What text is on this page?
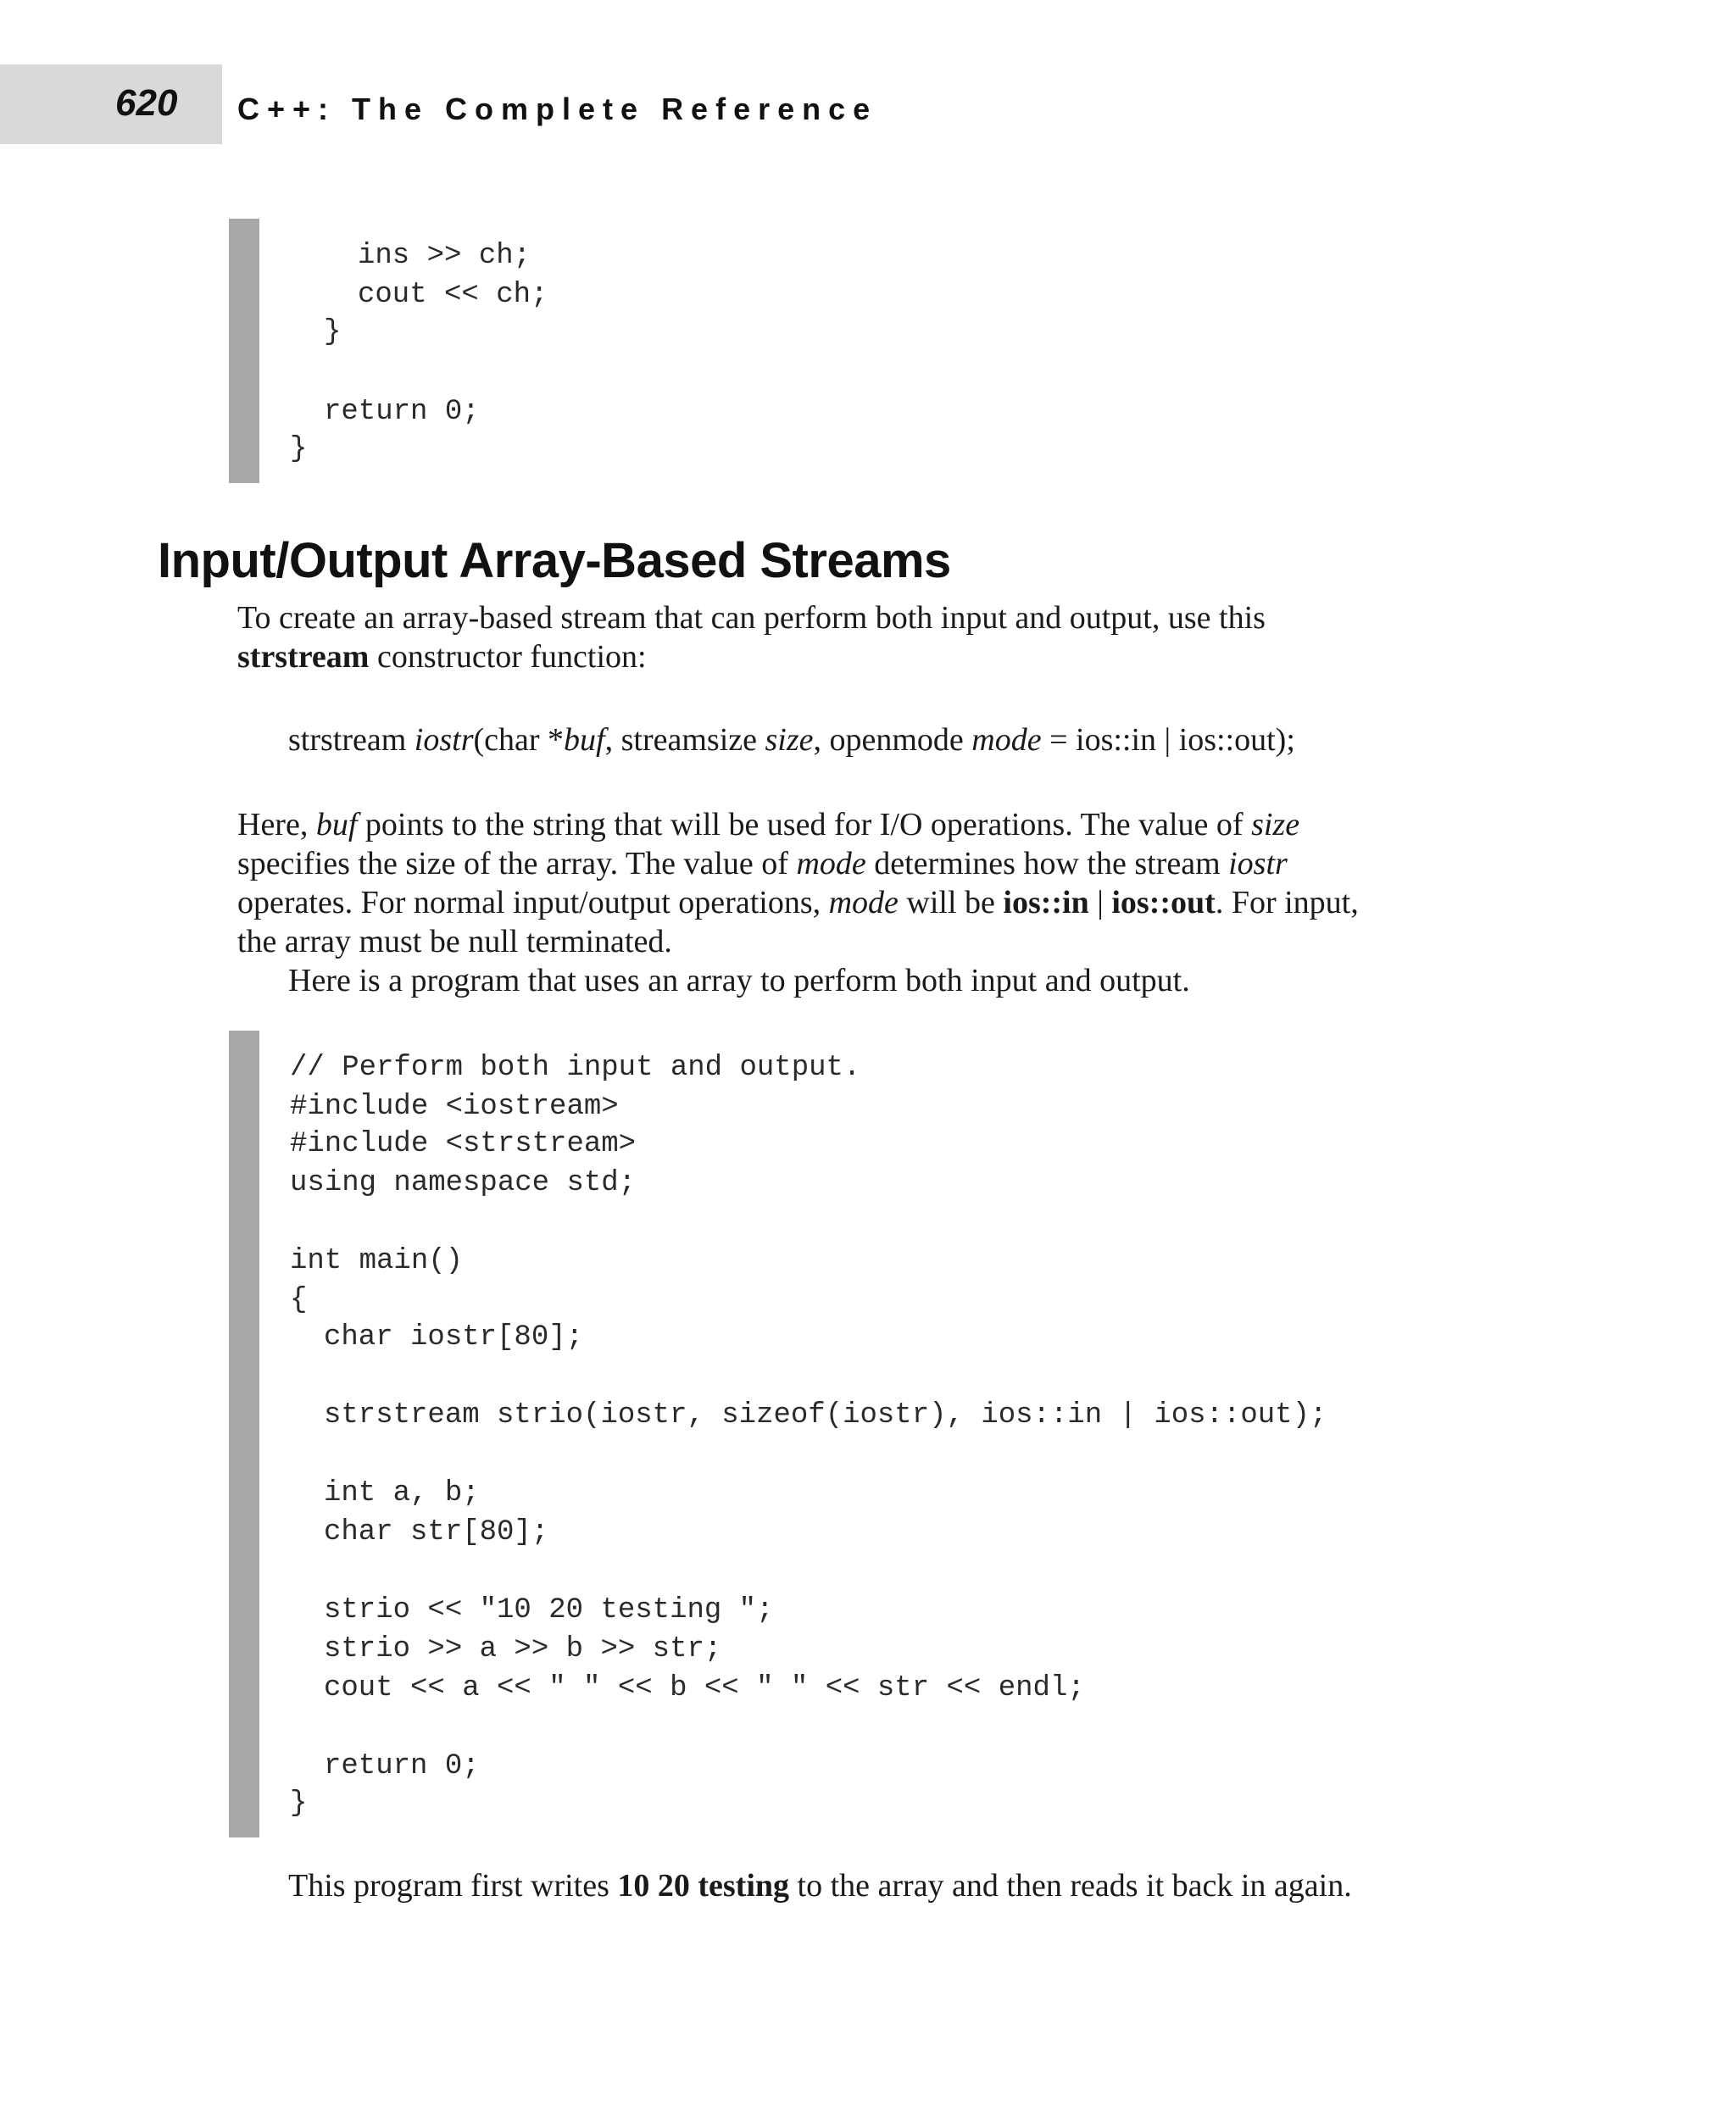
620 C++: The Complete Reference
ins >> ch;
cout << ch;
}
return 0;
}
Input/Output Array-Based Streams
To create an array-based stream that can perform both input and output, use this
strstream constructor function:
strstream iostr(char *buf, streamsize size, openmode mode = ios::in | ios::out);
Here, buf points to the string that will be used for I/O operations. The value of size
specifies the size of the array. The value of mode determines how the stream iostr
operates. For normal input/output operations, mode will be ios::in | ios::out. For input,
the array must be null terminated.
Here is a program that uses an array to perform both input and output.
// Perform both input and output.
#include <iostream>
#include <strstream>
using namespace std;
int main()
{
char iostr[80];
strstream strio(iostr, sizeof(iostr), ios::in | ios::out);
int a, b;
char str[80];
strio << "10 20 testing ";
strio >> a >> b >> str;
cout << a << " " << b << " " << str << endl;
return 0;
}
This program first writes 10 20 testing to the array and then reads it back in again.
